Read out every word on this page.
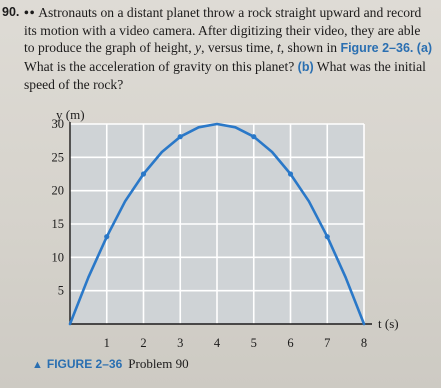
90. •• Astronauts on a distant planet throw a rock straight upward and record its motion with a video camera. After digitizing their video, they are able to produce the graph of height, y, versus time, t, shown in Figure 2–36. (a) What is the acceleration of gravity on this planet? (b) What was the initial speed of the rock?
5
10
15
20
25
30
1 2 3 4 5 6 7 8
y (m)
t (s)
▲ FIGURE 2–36 Problem 90
